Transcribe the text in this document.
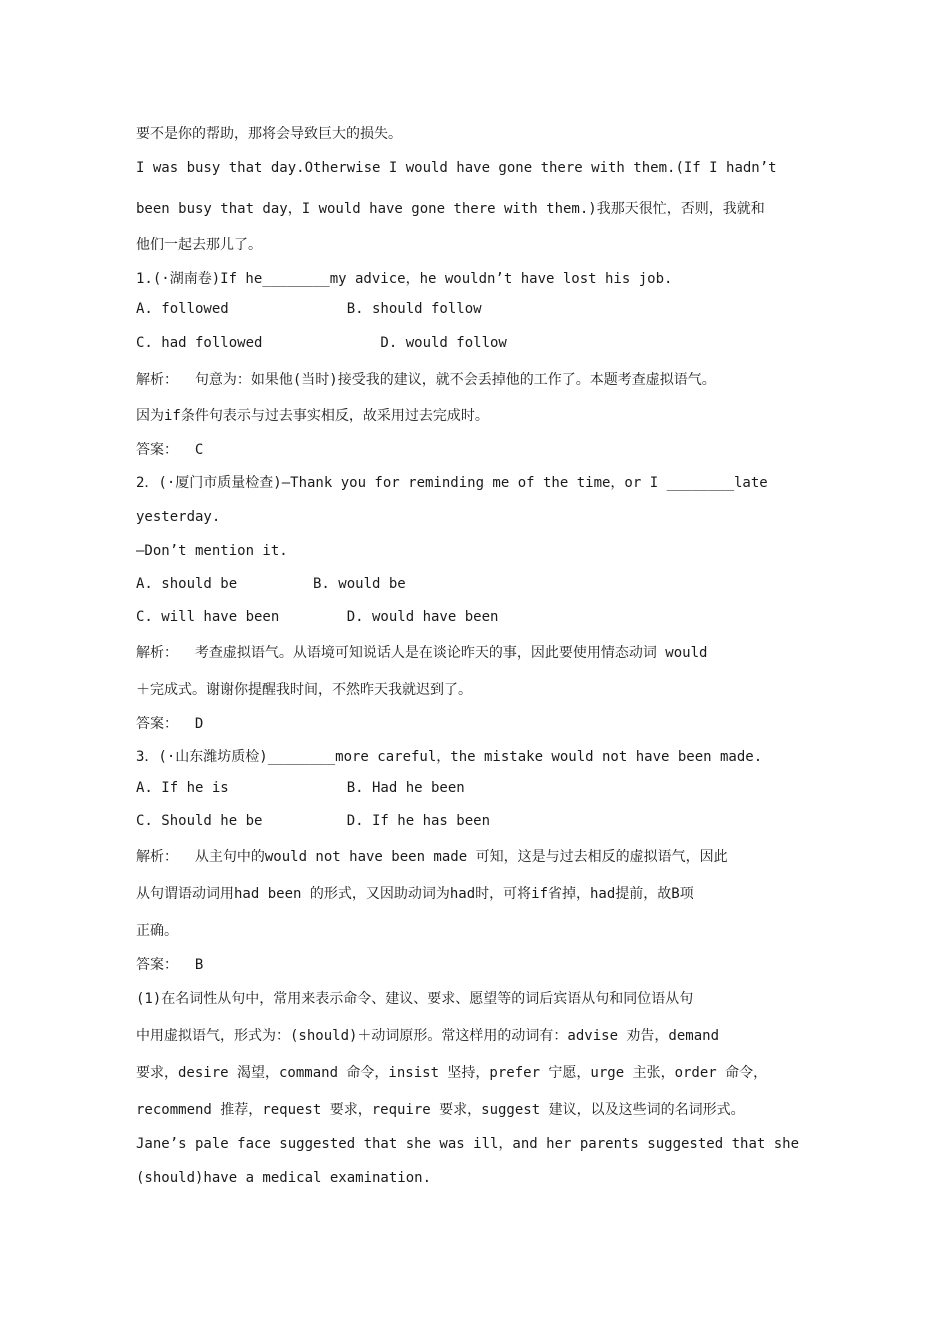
要不是你的帮助，那将会导致巨大的损失。
I was busy that day.Otherwise I would have gone there with them.(If I hadn’t
been busy that day，I would have gone there with them.)我那天很忙，否则，我就和
他们一起去那儿了。
1.(·湖南卷)If he________my advice，he wouldn’t have lost his job.
A. followed              B. should follow
C. had followed              D. would follow
解析：  句意为：如果他(当时)接受我的建议，就不会丢掉他的工作了。本题考查虚拟语气。
因为if条件句表示与过去事实相反，故采用过去完成时。
答案：  C
2．(·厦门市质量检查)—Thank you for reminding me of the time，or I ________late
yesterday.
—Don’t mention it.
A. should be         B. would be
C. will have been        D. would have been
解析：  考查虚拟语气。从语境可知说话人是在谈论昨天的事，因此要使用情态动词 would
＋完成式。谢谢你提醒我时间，不然昨天我就迟到了。
答案：  D
3．(·山东潍坊质检)________more careful，the mistake would not have been made.
A. If he is              B. Had he been
C. Should he be          D. If he has been
解析：  从主句中的would not have been made 可知，这是与过去相反的虚拟语气，因此
从句谓语动词用had been 的形式，又因助动词为had时，可将if省掉，had提前，故B项
正确。
答案：  B
(1)在名词性从句中，常用来表示命令、建议、要求、愿望等的词后宾语从句和同位语从句
中用虚拟语气，形式为：(should)＋动词原形。常这样用的动词有：advise 劝告，demand
要求，desire 渴望，command 命令，insist 坚持，prefer 宁愿，urge 主张，order 命令，
recommend 推荐，request 要求，require 要求，suggest 建议，以及这些词的名词形式。
Jane’s pale face suggested that she was ill，and her parents suggested that she
(should)have a medical examination.
